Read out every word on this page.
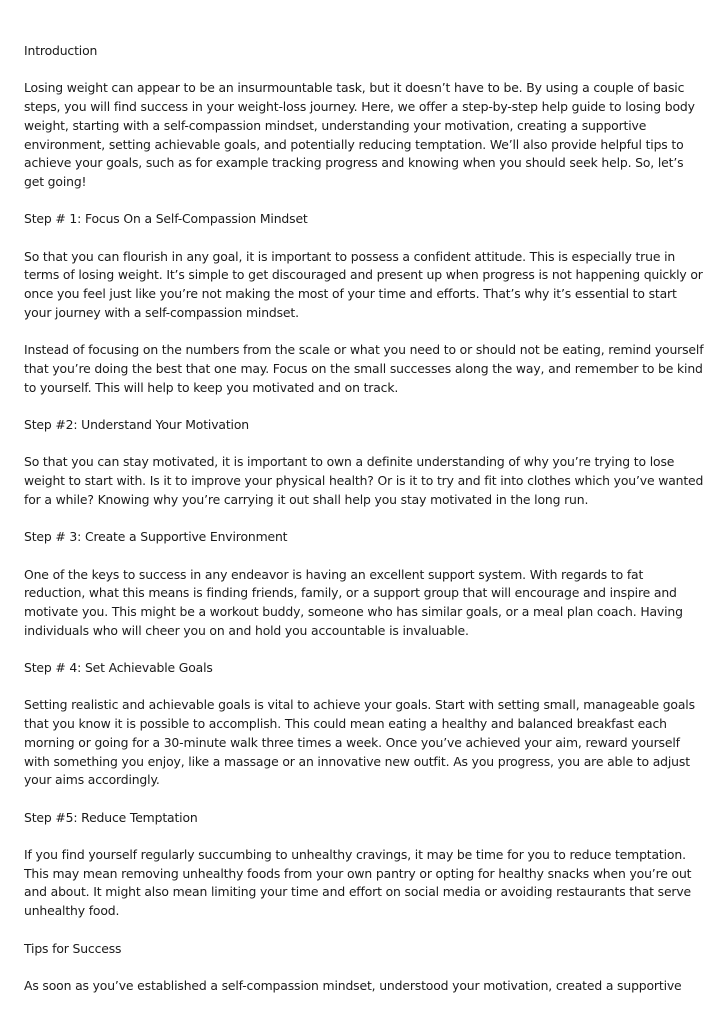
Introduction

Losing weight can appear to be an insurmountable task, but it doesn’t have to be. By using a couple of basic steps, you will find success in your weight-loss journey. Here, we offer a step-by-step help guide to losing body weight, starting with a self-compassion mindset, understanding your motivation, creating a supportive environment, setting achievable goals, and potentially reducing temptation. We’ll also provide helpful tips to achieve your goals, such as for example tracking progress and knowing when you should seek help. So, let’s get going!

Step # 1: Focus On a Self-Compassion Mindset

So that you can flourish in any goal, it is important to possess a confident attitude. This is especially true in terms of losing weight. It’s simple to get discouraged and present up when progress is not happening quickly or once you feel just like you’re not making the most of your time and efforts. That’s why it’s essential to start your journey with a self-compassion mindset.

Instead of focusing on the numbers from the scale or what you need to or should not be eating, remind yourself that you’re doing the best that one may. Focus on the small successes along the way, and remember to be kind to yourself. This will help to keep you motivated and on track.

Step #2: Understand Your Motivation

So that you can stay motivated, it is important to own a definite understanding of why you’re trying to lose weight to start with. Is it to improve your physical health? Or is it to try and fit into clothes which you’ve wanted for a while? Knowing why you’re carrying it out shall help you stay motivated in the long run.

Step # 3: Create a Supportive Environment

One of the keys to success in any endeavor is having an excellent support system. With regards to fat reduction, what this means is finding friends, family, or a support group that will encourage and inspire and motivate you. This might be a workout buddy, someone who has similar goals, or a meal plan coach. Having individuals who will cheer you on and hold you accountable is invaluable.

Step # 4: Set Achievable Goals

Setting realistic and achievable goals is vital to achieve your goals. Start with setting small, manageable goals that you know it is possible to accomplish. This could mean eating a healthy and balanced breakfast each morning or going for a 30-minute walk three times a week. Once you’ve achieved your aim, reward yourself with something you enjoy, like a massage or an innovative new outfit. As you progress, you are able to adjust your aims accordingly.

Step #5: Reduce Temptation

If you find yourself regularly succumbing to unhealthy cravings, it may be time for you to reduce temptation. This may mean removing unhealthy foods from your own pantry or opting for healthy snacks when you’re out and about. It might also mean limiting your time and effort on social media or avoiding restaurants that serve unhealthy food.

Tips for Success

As soon as you’ve established a self-compassion mindset, understood your motivation, created a supportive
